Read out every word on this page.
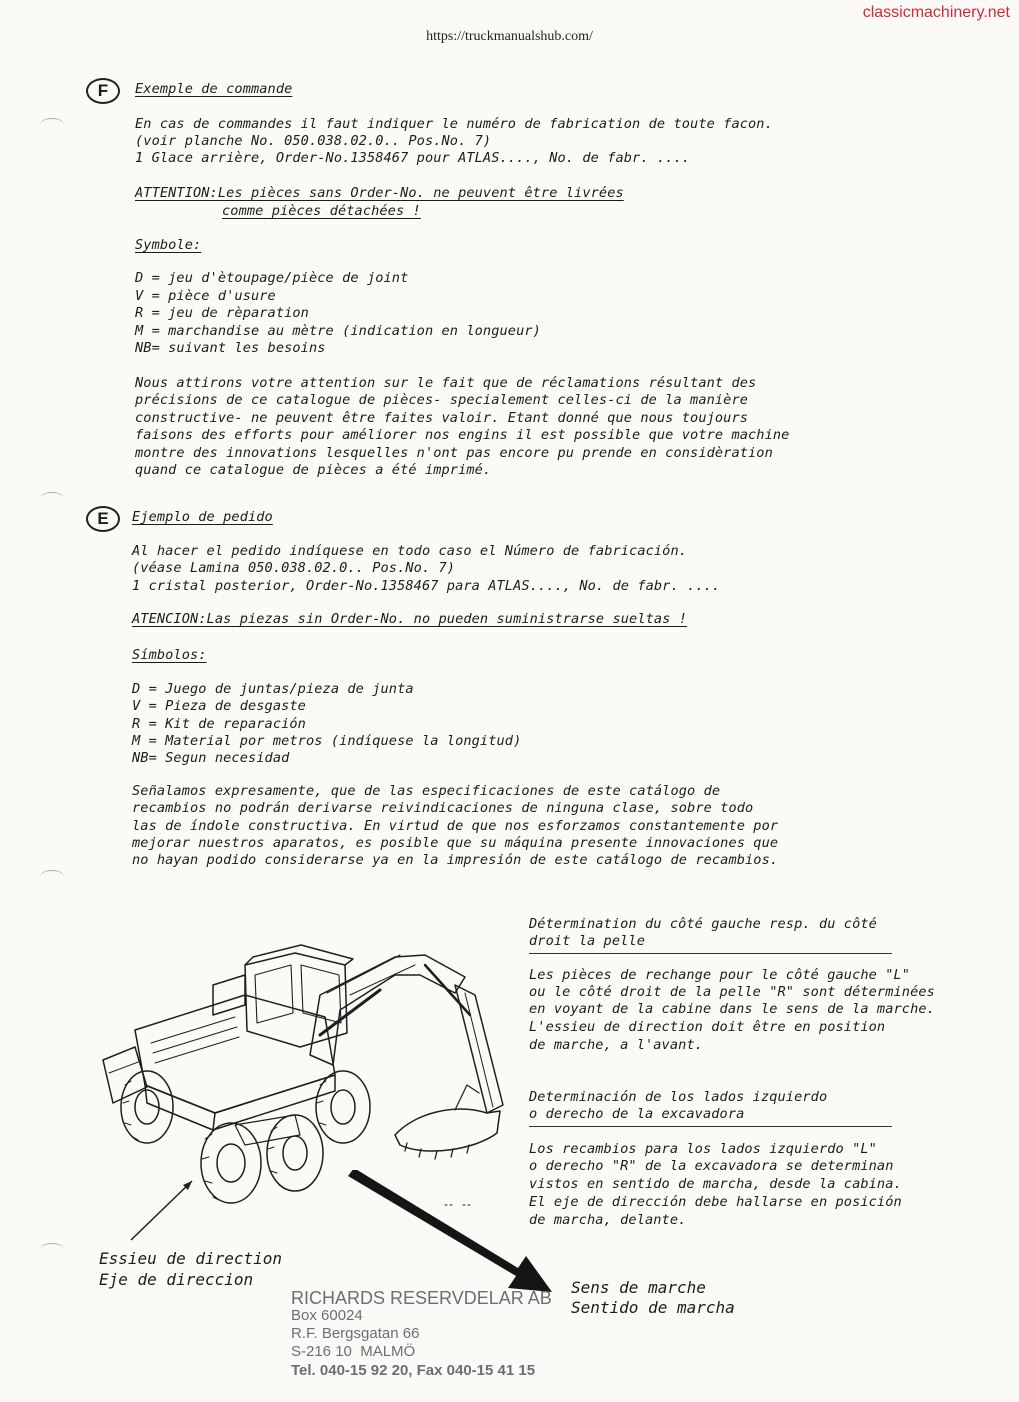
classicmachinery.net
https://truckmanualshub.com/
F	Exemple de commande
En cas de commandes il faut indiquer le numéro de fabrication de toute facon.
(voir planche No. 050.038.02.0.. Pos.No. 7)
1 Glace arrière, Order-No.1358467 pour ATLAS...., No. de fabr. ....
ATTENTION:Les pièces sans Order-No. ne peuvent être livrées
comme pièces détachées !
Symbole:
D = jeu d'ètoupage/pièce de joint
V = pièce d'usure
R = jeu de rèparation
M = marchandise au mètre (indication en longueur)
NB= suivant les besoins
Nous attirons votre attention sur le fait que de réclamations résultant des
précisions de ce catalogue de pièces- specialement celles-ci de la manière
constructive- ne peuvent être faites valoir. Etant donné que nous toujours
faisons des efforts pour améliorer nos engins il est possible que votre machine
montre des innovations lesquelles n'ont pas encore pu prende en considèration
quand ce catalogue de pièces a été imprimé.
E	Ejemplo de pedido
Al hacer el pedido indíquese en todo caso el Número de fabricación.
(véase Lamina 050.038.02.0.. Pos.No. 7)
1 cristal posterior, Order-No.1358467 para ATLAS...., No. de fabr. ....
ATENCION:Las piezas sin Order-No. no pueden suministrarse sueltas !
Símbolos:
D = Juego de juntas/pieza de junta
V = Pieza de desgaste
R = Kit de reparación
M = Material por metros (indíquese la longitud)
NB= Segun necesidad
Señalamos expresamente, que de las especificaciones de este catálogo de
recambios no podrán derivarse reivindicaciones de ninguna clase, sobre todo
las de índole constructiva. En virtud de que nos esforzamos constantemente por
mejorar nuestros aparatos, es posible que su máquina presente innovaciones que
no hayan podido considerarse ya en la impresión de este catálogo de recambios.
Détermination du côté gauche resp. du côté
droit la pelle
Les pièces de rechange pour le côté gauche "L"
ou le côté droit de la pelle "R" sont déterminées
en voyant de la cabine dans le sens de la marche.
L'essieu de direction doit être en position
de marche, a l'avant.
Determinación de los lados izquierdo
o derecho de la excavadora
Los recambios para los lados izquierdo "L"
o derecho "R" de la excavadora se determinan
vistos en sentido de marcha, desde la cabina.
El eje de dirección debe hallarse en posición
de marcha, delante.
Essieu de direction
Eje de direccion	Sens de marche
Sentido de marcha
RICHARDS RESERVDELAR AB
Box 60024
R.F. Bergsgatan 66
S-216 10  MALMÖ
Tel. 040-15 92 20, Fax 040-15 41 15
